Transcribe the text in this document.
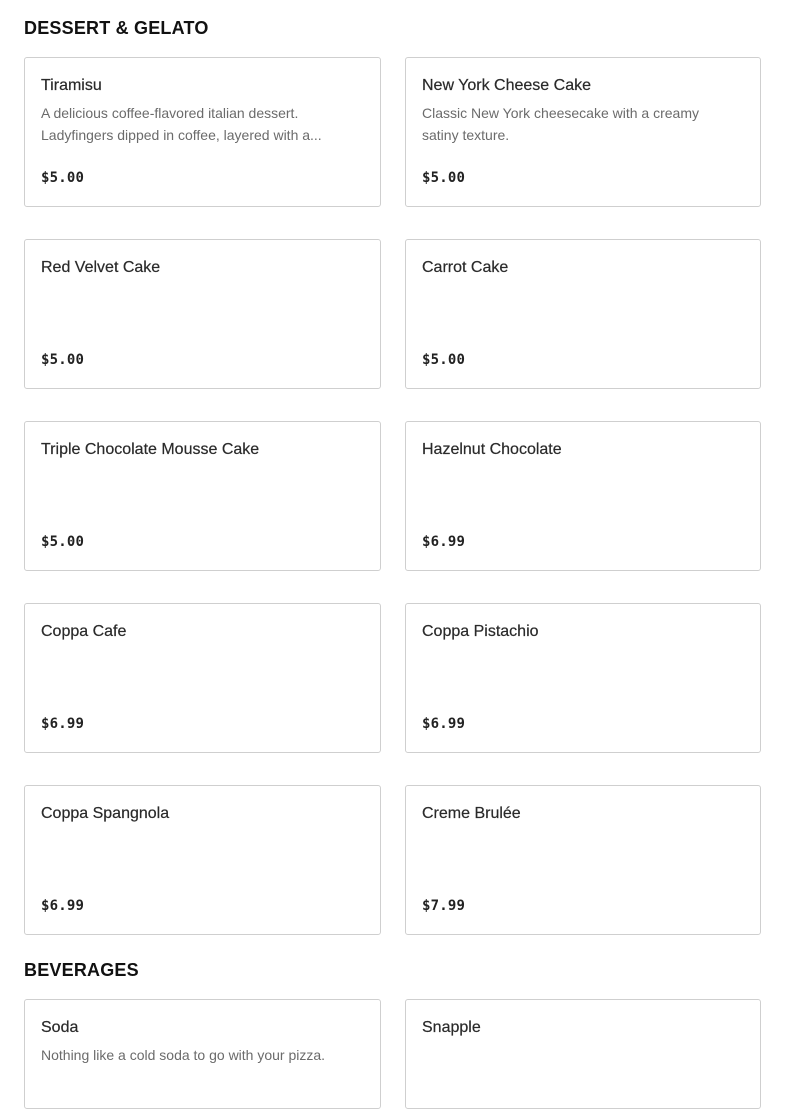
DESSERT & GELATO
Tiramisu
A delicious coffee-flavored italian dessert. Ladyfingers dipped in coffee, layered with a...
$5.00
New York Cheese Cake
Classic New York cheesecake with a creamy satiny texture.
$5.00
Red Velvet Cake
$5.00
Carrot Cake
$5.00
Triple Chocolate Mousse Cake
$5.00
Hazelnut Chocolate
$6.99
Coppa Cafe
$6.99
Coppa Pistachio
$6.99
Coppa Spangnola
$6.99
Creme Brulée
$7.99
BEVERAGES
Soda
Nothing like a cold soda to go with your pizza.
Snapple
